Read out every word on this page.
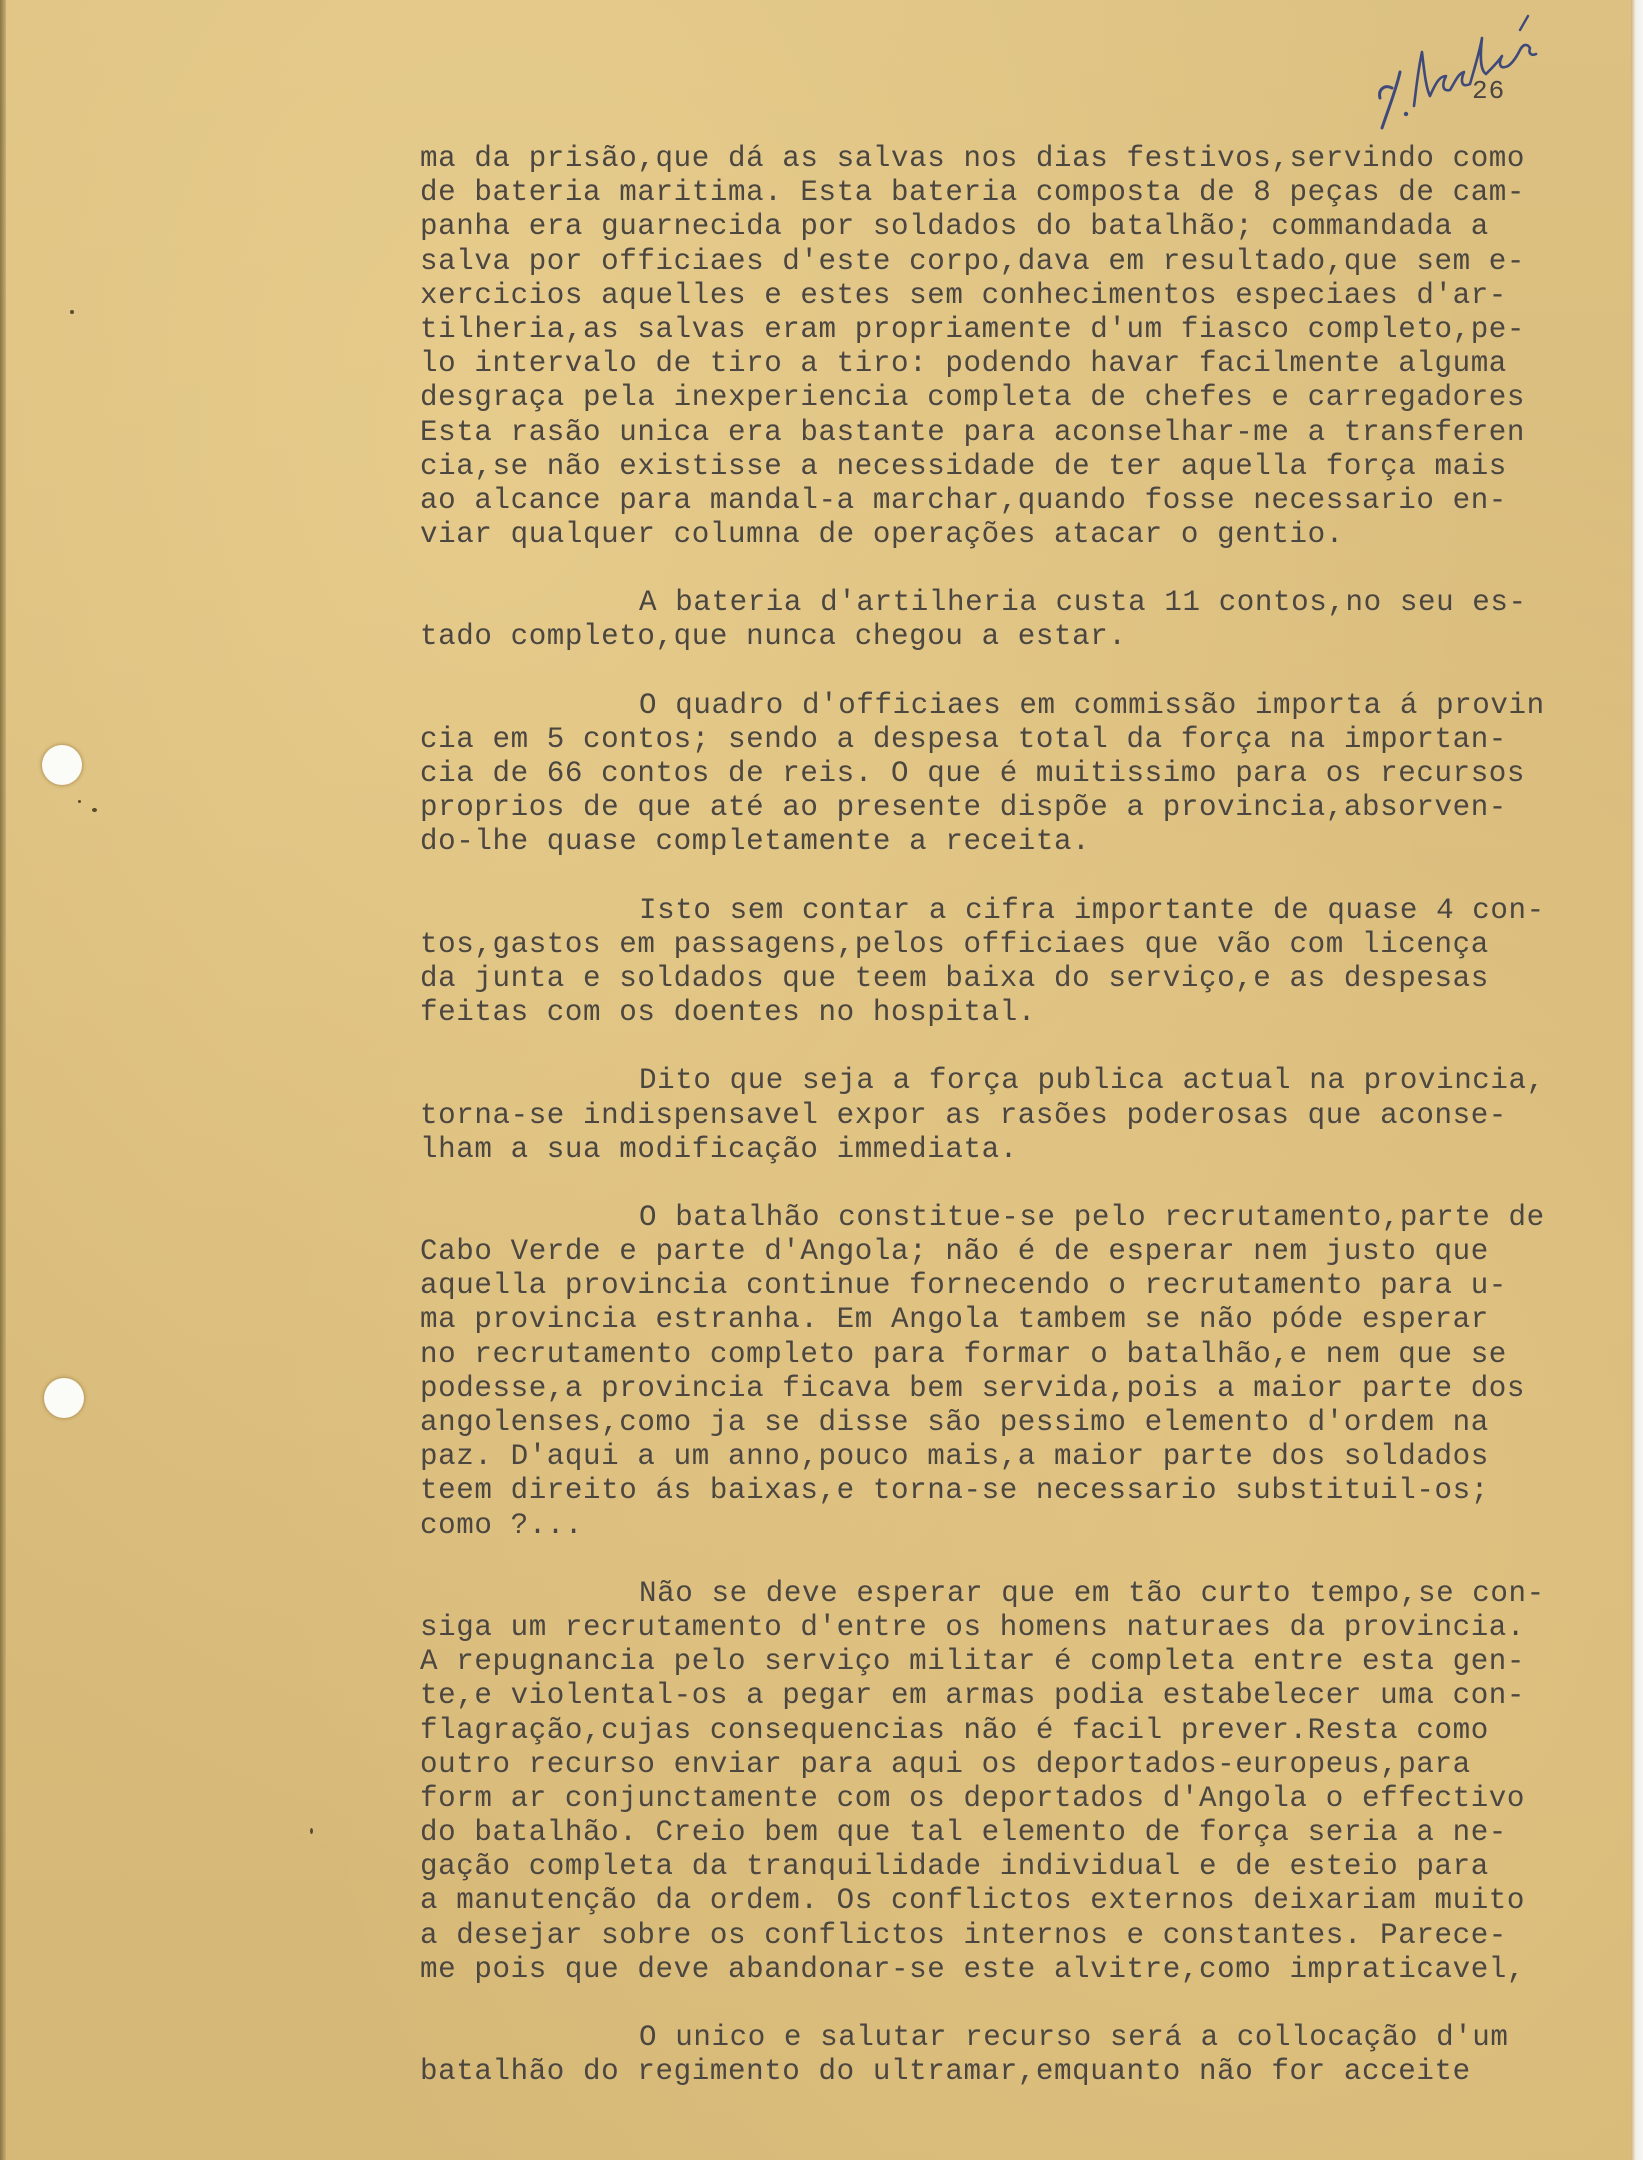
26
ma da prisão,que dá as salvas nos dias festivos,servindo como
de bateria maritima. Esta bateria composta de 8 peças de cam-
panha era guarnecida por soldados do batalhão; commandada a
salva por officiaes d'este corpo,dava em resultado,que sem e-
xercicios aquelles e estes sem conhecimentos especiaes d'ar-
tilheria,as salvas eram propriamente d'um fiasco completo,pe-
lo intervalo de tiro a tiro: podendo havar facilmente alguma
desgraça pela inexperiencia completa de chefes e carregadores
Esta rasão unica era bastante para aconselhar-me a transferen
cia,se não existisse a necessidade de ter aquella força mais
ao alcance para mandal-a marchar,quando fosse necessario en-
viar qualquer columna de operações atacar o gentio.
A bateria d'artilheria custa 11 contos,no seu es-
tado completo,que nunca chegou a estar.
O quadro d'officiaes em commissão importa á provin
cia em 5 contos; sendo a despesa total da força na importan-
cia de 66 contos de reis. O que é muitissimo para os recursos
proprios de que até ao presente dispõe a provincia,absorven-
do-lhe quase completamente a receita.
Isto sem contar a cifra importante de quase 4 con-
tos,gastos em passagens,pelos officiaes que vão com licença
da junta e soldados que teem baixa do serviço,e as despesas
feitas com os doentes no hospital.
Dito que seja a força publica actual na provincia,
torna-se indispensavel expor as rasões poderosas que aconse-
lham a sua modificação immediata.
O batalhão constitue-se pelo recrutamento,parte de
Cabo Verde e parte d'Angola; não é de esperar nem justo que
aquella provincia continue fornecendo o recrutamento para u-
ma provincia estranha. Em Angola tambem se não póde esperar
no recrutamento completo para formar o batalhão,e nem que se
podesse,a provincia ficava bem servida,pois a maior parte dos
angolenses,como ja se disse são pessimo elemento d'ordem na
paz. D'aqui a um anno,pouco mais,a maior parte dos soldados
teem direito ás baixas,e torna-se necessario substituil-os;
como ?...
Não se deve esperar que em tão curto tempo,se con-
siga um recrutamento d'entre os homens naturaes da provincia.
A repugnancia pelo serviço militar é completa entre esta gen-
te,e violental-os a pegar em armas podia estabelecer uma con-
flagração,cujas consequencias não é facil prever.Resta como
outro recurso enviar para aqui os deportados-europeus,para
form ar conjunctamente com os deportados d'Angola o effectivo
do batalhão. Creio bem que tal elemento de força seria a ne-
gação completa da tranquilidade individual e de esteio para
a manutenção da ordem. Os conflictos externos deixariam muito
a desejar sobre os conflictos internos e constantes. Parece-
me pois que deve abandonar-se este alvitre,como impraticavel,
O unico e salutar recurso será a collocação d'um
batalhão do regimento do ultramar,emquanto não for acceite
